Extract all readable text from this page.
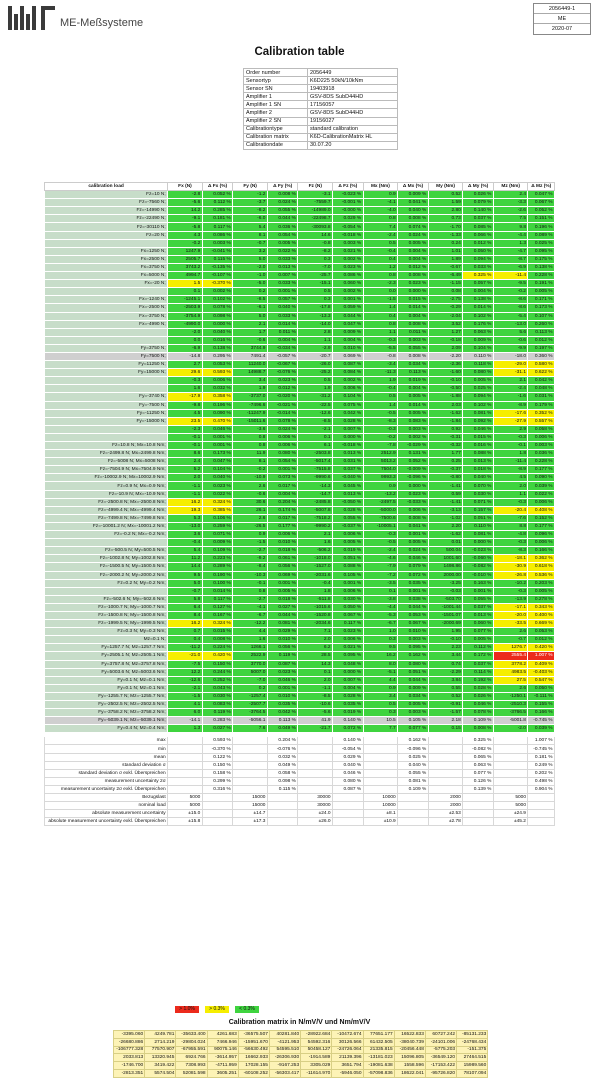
ME-Meßsysteme
2056449-1
ME
2020-07
Calibration table
Order number	2056449
Sensortyp	K6D225 50kN/10kNm
Sensor SN	19403918
Amplifier 1	GSV-8DS SubD44HD
Amplifier 1 SN	17156057
Amplifier 2	GSV-8DS SubD44HD
Amplifier 2 SN	19156027
Calibrationtype	standard calibration
Calibration matrix	K6D-CalibrationMatrix HL
Calibrationdate	30.07.20
calibration load	Fx (N)	Δ Fx (%)	Fy (N)	Δ Fy (%)	Fz (N)	Δ Fz (%)	Mx (Nm)	Δ Mx (%)	My (Nm)	Δ My (%)	Mz (Nm)	Δ Mz (%)
Fz=10 N;	-2.8	0.052 %	-1.2	0.008 %	-3.1	-0.023 %	0.9	0.009 %	0.52	0.026 %	2.4	0.047 %
Fz=-7560 N;	-5.6	0.112 %	-3.7	0.024 %	-7559.7	-0.001 %	-4.1	0.041 %	1.59	0.079 %	-3.3	0.067 %
Fz=-14990 N;	14.2	0.285 %	-8.2	0.055 %	-14989.0	-0.000 %	-4.0	0.040 %	2.80	0.140 %	-2.6	0.052 %
Fz=-22490 N;	-9.1	0.181 %	-6.0	0.044 %	-22498.7	0.029 %	0.8	0.008 %	0.73	0.037 %	7.5	0.151 %
Fz=-30110 N;	-5.8	0.117 %	5.4	0.036 %	-30093.8	-0.054 %	7.4	0.074 %	-1.70	0.085 %	9.8	0.196 %
Fz=20 N;	4.3	0.086 %	8.1	0.054 %	14.6	-0.018 %	-2.4	0.024 %	-1.33	0.066 %	-4.4	0.089 %
	-0.2	0.003 %	-0.7	0.005 %	-0.8	0.003 %	0.5	0.005 %	0.24	0.012 %	1.3	0.025 %
Fx=1250 N;	1247.9	-0.041 %	3.2	0.022 %	-8.2	0.021 %	-0.4	0.004 %	1.01	0.050 %	-4.7	0.095 %
Fx=2500 N;	2505.7	0.115 %	5.0	0.033 %	0.3	0.002 %	0.4	0.004 %	1.89	0.094 %	-8.7	0.175 %
Fx=3750 N;	3743.2	-0.135 %	-2.0	0.013 %	-7.0	0.023 %	1.2	0.012 %	-0.67	0.033 %	-6.9	0.138 %
Fx=5000 N;	4994.7	-0.107 %	-1.0	0.007 %	-25.7	0.086 %	0.8	0.008 %	-6.49	0.325 %	-11.4	0.228 %
Fx=-20 N;	1.5	-0.370 %	-5.0	0.033 %	-15.1	0.060 %	-2.3	0.023 %	-1.15	0.057 %	-9.5	0.191 %
	0.1	0.002 %	0.2	0.001 %	0.5	0.002 %	0.0	0.000 %	0.08	0.004 %	-0.2	0.005 %
Fx=-1240 N;	-1245.1	0.102 %	-8.5	0.057 %	0.3	0.001 %	-1.5	0.015 %	-2.75	0.138 %	-8.6	0.171 %
Fx=-2500 N;	-2503.9	0.078 %	-6.1	0.040 %	-17.8	0.059 %	1.4	0.014 %	-0.29	0.014 %	-8.6	0.173 %
Fx=-3750 N;	-3754.9	0.098 %	5.0	0.033 %	-13.3	0.044 %	0.4	0.004 %	-2.04	0.102 %	-5.4	0.107 %
Fx=-4990 N;	-4990.0	0.000 %	2.1	0.014 %	-14.0	0.047 %	0.8	0.008 %	3.52	0.176 %	-13.0	0.260 %
	-2.0	0.040 %	1.7	0.011 %	2.8	0.009 %	1.1	0.011 %	1.27	0.063 %	5.6	0.113 %
	0.0	0.016 %	-0.6	0.004 %	1.1	0.004 %	-0.3	0.003 %	-0.18	0.009 %	-0.6	0.012 %
Fy=3750 N;	-6.9	0.138 %	3744.9	-0.034 %	-2.9	0.010 %	-5.5	0.055 %	2.09	0.104 %	-9.9	0.197 %
Fy=7500 N;	-14.8	0.295 %	7491.4	-0.057 %	-20.7	0.069 %	-0.8	0.008 %	-2.20	0.110 %	-18.0	0.360 %
Fy=11250 N;	2.7	0.053 %	11240.0	-0.067 %	-26.0	0.087 %	-3.4	0.034 %	-2.36	0.118 %	-29.0	0.580 %
Fy=15000 N;	29.6	0.593 %	14988.7	-0.076 %	-25.2	0.084 %	-11.3	0.113 %	-1.60	0.080 %	-31.1	0.622 %
	-0.3	0.006 %	3.4	0.023 %	0.5	0.002 %	1.9	0.019 %	-0.10	0.005 %	2.1	0.042 %
	1.6	0.032 %	1.9	0.012 %	1.9	0.006 %	-0.4	0.004 %	-0.50	0.025 %	-2.4	0.048 %
Fy=-3740 N;	-17.9	0.358 %	-3737.0	-0.020 %	-31.2	0.104 %	0.5	0.005 %	-1.88	0.094 %	-1.6	0.031 %
Fy=-7500 N;	-9.8	0.196 %	-7496.6	-0.021 %	-22.5	0.075 %	1.4	0.014 %	2.03	0.102 %	-8.9	0.179 %
Fy=-11250 N;	4.5	0.090 %	-11247.9	-0.014 %	-12.6	0.042 %	-0.5	0.005 %	-1.62	0.081 %	-17.6	0.352 %
Fy=-15000 N;	23.5	0.470 %	-15011.6	0.078 %	-8.5	0.028 %	-8.3	0.083 %	-1.84	0.092 %	-27.9	0.557 %
	-2.3	0.046 %	-3.6	0.024 %	-2.1	0.007 %	-0.3	0.003 %	0.92	0.046 %	2.9	0.058 %
	-0.1	0.001 %	0.8	0.006 %	0.1	0.000 %	-0.2	0.002 %	-0.31	0.015 %	-0.3	0.006 %
Fz=10.8 N; Mx=10.8 Nm;	-0.1	0.001 %	0.8	0.006 %	6.1	-0.018 %	-7.8	-0.029 %	-0.32	0.016 %	-0.1	0.003 %
Fz=-2499.8 N; Mx=2499.8 Nm;	8.6	0.173 %	11.9	0.080 %	-2503.8	0.013 %	2512.9	0.131 %	1.77	0.088 %	1.8	0.036 %
Fz=-5008 N; Mx=5008 Nm;	2.4	0.047 %	8.1	0.054 %	-5017.4	0.031 %	5013.2	0.052 %	0.25	0.013 %	-11.4	0.228 %
Fz=-7504.9 N; Mx=7504.9 Nm;	5.2	0.104 %	-0.2	0.001 %	-7515.8	0.037 %	7504.0	-0.009 %	-0.37	0.018 %	-8.9	0.177 %
Fz=-10002.9 N; Mx=10002.9 Nm;	2.0	0.040 %	-10.9	0.073 %	-9990.6	-0.040 %	9993.3	-0.096 %	-0.80	0.040 %	4.5	0.090 %
Fz=0.9 N; Mx=0.9 Nm;	-1.1	0.023 %	2.6	0.017 %	-14.3	0.045 %	0.9	0.000 %	-1.41	0.070 %	2.0	0.039 %
Fz=-10.9 N; Mx=-10.9 Nm;	-1.1	0.022 %	-0.6	0.004 %	-14.7	0.013 %	-13.2	0.023 %	0.59	0.030 %	1.1	0.022 %
Fz=-2500.8 N; Mx=-2500.8 Nm;	16.2	0.324 %	30.6	0.204 %	-2485.8	-0.050 %	-2497.5	-0.033 %	-1.41	0.071 %	-0.3	0.006 %
Fz=-4999.4 N; Mx=-4999.4 Nm;	19.3	0.385 %	26.1	0.174 %	-5007.8	0.028 %	-5000.0	0.006 %	-3.13	0.157 %	-20.4	0.408 %
Fz=-7499.8 N; Mx=-7499.8 Nm;	5.3	0.106 %	2.6	0.017 %	-7518.2	0.055 %	-7500.6	0.008 %	-1.02	0.051 %	-7.6	0.152 %
Fz=-10001.2 N; Mx=-10001.2 Nm;	-13.0	0.259 %	-26.5	0.177 %	-9990.2	-0.037 %	-10005.1	0.041 %	2.20	0.110 %	8.8	0.177 %
Fz=-0.2 N; Mx=-0.2 Nm;	3.6	0.071 %	0.9	0.006 %	2.1	0.006 %	-0.3	0.001 %	-1.62	0.081 %	-4.8	0.096 %
	-0.4	0.009 %	-1.5	0.010 %	1.6	0.005 %	-0.5	0.005 %	0.01	0.000 %	-0.3	0.006 %
Fz=-500.5 N; My=500.5 Nm;	5.4	0.109 %	-2.7	0.018 %	-506.2	0.019 %	-2.4	0.024 %	500.04	-0.023 %	-8.3	0.166 %
Fz=-1002.8 N; My=1002.8 Nm;	11.2	0.223 %	-9.2	0.061 %	-1018.0	0.051 %	-4.6	0.046 %	1001.60	-0.060 %	-18.1	0.362 %
Fz=-1500.5 N; My=1500.5 Nm;	14.4	0.289 %	-8.4	0.056 %	-1527.0	0.088 %	-7.9	0.079 %	1498.86	-0.082 %	-30.9	0.618 %
Fz=-2000.2 N; My=2000.2 Nm;	9.5	0.190 %	-10.3	0.069 %	-2031.6	0.105 %	-7.2	0.072 %	2000.00	-0.010 %	-26.8	0.536 %
Fz=0.2 N; My=0.2 Nm;	5.0	0.100 %	-0.1	0.001 %	-0.4	0.001 %	-3.5	0.035 %	-3.25	0.163 %	-10.2	0.203 %
	-0.7	0.014 %	0.8	0.005 %	1.8	0.006 %	0.1	0.001 %	-0.03	0.001 %	-0.3	0.005 %
Fz=-502.6 N; My=-502.6 Nm;	5.8	0.117 %	-2.7	0.018 %	-511.8	0.030 %	-3.8	0.038 %	-503.70	0.055 %	-13.9	0.278 %
Fz=-1000.7 N; My=-1000.7 Nm;	6.4	0.127 %	-4.1	0.027 %	-1015.6	0.050 %	-4.4	0.044 %	-1001.44	0.037 %	-17.1	0.343 %
Fz=-1500.8 N; My=-1500.8 Nm;	8.4	0.167 %	-6.7	0.044 %	-1520.8	0.067 %	-5.3	0.053 %	-1501.07	0.013 %	-20.0	0.400 %
Fz=-1999.5 N; My=-1999.5 Nm;	16.2	0.324 %	-12.2	0.081 %	-2034.6	0.117 %	-6.7	0.067 %	-2000.69	0.060 %	-33.5	0.669 %
Fz=0.3 N; My=0.3 Nm;	0.7	0.015 %	4.4	0.029 %	7.1	0.023 %	1.0	0.010 %	1.95	0.077 %	2.6	0.053 %
Mz=0.1 N;	0.4	0.008 %	1.6	0.010 %	2.0	0.006 %	0.3	0.003 %	-0.10	0.005 %	-0.7	0.012 %
Fy=1257.7 N; Mz=1257.7 Nm;	-11.2	0.224 %	1266.1	0.056 %	6.2	0.021 %	9.5	0.095 %	2.23	0.112 %	1276.7	0.420 %
Fy=2505.1 N; Mz=2505.1 Nm;	-21.0	0.420 %	2522.9	0.119 %	28.5	0.095 %	16.2	0.162 %	3.44	0.172 %	2555.4	1.007 %
Fy=3757.8 N; Mz=3757.8 Nm;	-7.5	0.150 %	3770.0	0.087 %	14.3	0.048 %	8.0	0.080 %	0.74	0.037 %	3778.2	0.409 %
Fy=5003.6 N; Mz=5003.6 Nm;	12.2	0.244 %	5007.0	0.023 %	0.1	0.000 %	-5.1	0.051 %	-2.29	0.114 %	4983.5	-0.403 %
Fy=0.1 N; Mz=0.1 Nm;	-12.6	0.252 %	-7.0	0.046 %	2.0	0.007 %	4.4	0.044 %	3.84	0.192 %	27.5	0.547 %
Fy=0.1 N; Mz=0.1 Nm;	-2.1	0.043 %	0.2	0.001 %	-1.1	0.004 %	0.9	0.009 %	0.55	0.028 %	2.6	0.050 %
Fy=-1255.7 N; Mz=-1255.7 Nm;	-1.5	0.030 %	-1257.4	0.010 %	-8.5	0.028 %	3.4	0.034 %	0.52	0.026 %	-1250.1	-0.111 %
Fy=-2502.5 N; Mz=-2502.5 Nm;	4.1	0.083 %	-2507.7	0.035 %	-10.6	0.035 %	0.5	0.005 %	-0.91	0.046 %	-2510.3	0.155 %
Fy=-3758.2 N; Mz=-3758.2 Nm;	6.0	0.119 %	-3764.5	0.042 %	-5.6	0.019 %	0.3	0.003 %	-1.57	0.078 %	-3766.5	0.166 %
Fy=-5039.1 N; Mz=-5039.1 Nm;	-14.1	0.283 %	-5056.1	0.113 %	41.9	0.140 %	10.5	0.105 %	2.18	0.109 %	-5001.8	-0.745 %
Fy=0.4 N; Mz=0.4 Nm;	1.3	0.027 %	7.6	0.049 %	-21.7	0.072 %	7.7	0.077 %	0.15	0.008 %	-2.0	0.039 %

max		0.593 %		0.204 %		0.140 %		0.162 %		0.325 %		1.007 %
min		-0.370 %		-0.076 %		-0.054 %		-0.096 %		-0.082 %		-0.745 %
mean		0.122 %		0.032 %		0.029 %		0.025 %		0.065 %		0.181 %
standard deviation σ		0.150 %		0.049 %		0.040 %		0.040 %		0.063 %		0.249 %
standard deviation σ exkl. Überspreichen		0.158 %		0.058 %		0.046 %		0.055 %		0.077 %		0.202 %
measurement uncertainty 2σ		0.299 %		0.098 %		0.080 %		0.081 %		0.126 %		0.498 %
measurement uncertainty 2σ exkl. Überspreichen		0.316 %		0.115 %		0.087 %		0.109 %		0.139 %		0.904 %
Bezugslast	5000		15000		30000		10000		2000		5000	
nominal load	5000		15000		30000		10000		2000		5000	
absolute measurement uncertainty	±15.0		±14.7		±24.0		±8.1		±2.53		±24.9	
absolute measurement uncertainty exkl. Überspreichen	±15.8		±17.3		±26.0		±10.9		±2.78		±45.2	
> 1.0%	> 0.3%	< 0.3%
Calibration matrix in N/mV/V und Nm/mV/V
-3395.060	4249.781	-35633.400	4261.683	-36575.507	40281.840	-28922.684	-10472.674	77651.177	16522.833	60727.242	-85131.233
-26680.886	2714.219	-29804.024	7466.946	-15951.670	-4121.953	54592.316	30126.566	61432.505	-38040.739	-24101.006	-24768.434
-106777.328	77570.907	-67955.591	90075.146	-56630.492	54595.510	50458.127	-24726.064	21335.815	-20456.448	-5775.203	-151.375
2033.813	13320.945	6924.766	-3614.957	16662.933	-26306.930	-1914.589	21139.396	-13181.023	15096.805	-36549.120	27464.515
-1746.700	3419.422	7308.993	-4711.959	17028.155	-9167.253	3305.029	3651.794	-19081.638	1558.596	-17153.422	15989.560
-2813.351	5574.504	52081.598	3605.251	-60108.252	-56303.417	-11614.970	-5946.050	-57098.836	18622.041	-95726.820	78107.094
